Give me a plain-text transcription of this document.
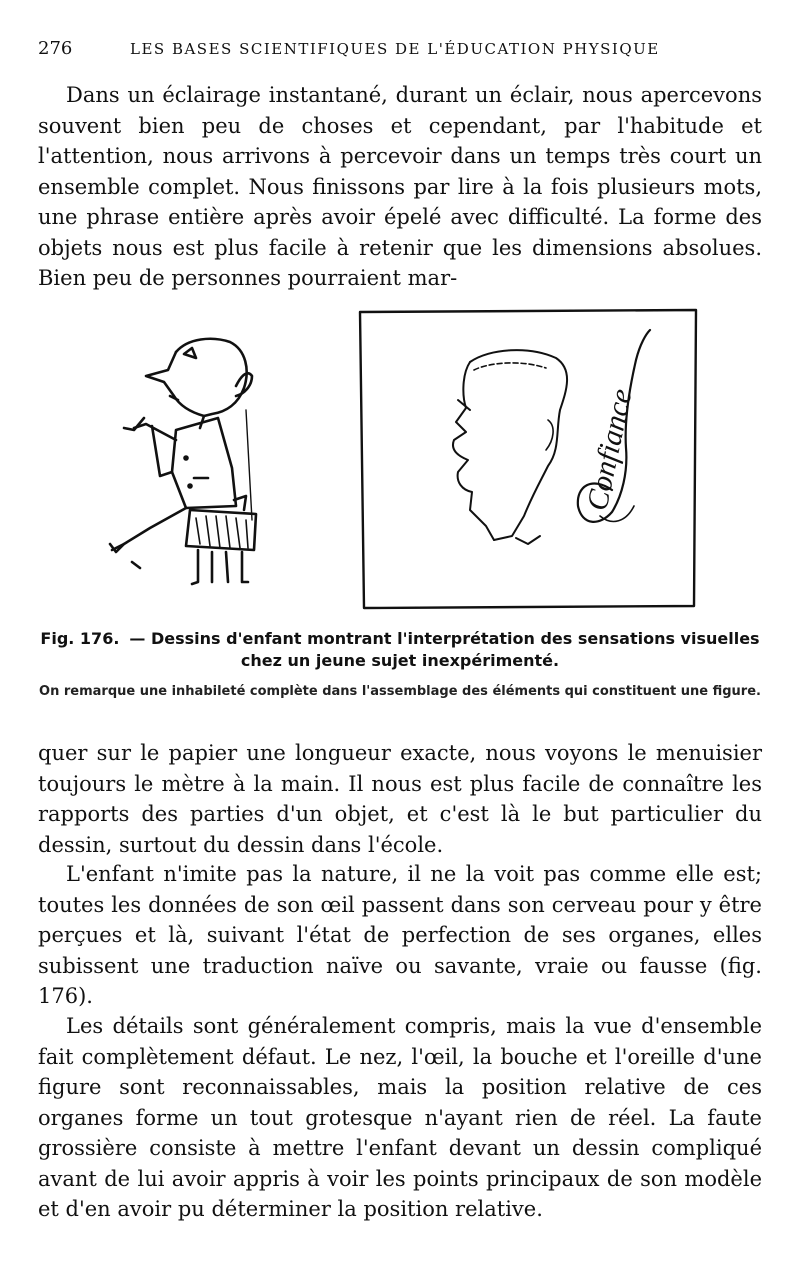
276	LES BASES SCIENTIFIQUES DE L'ÉDUCATION PHYSIQUE

Dans un éclairage instantané, durant un éclair, nous apercevons souvent bien peu de choses et cependant, par l'habitude et l'attention, nous arrivons à percevoir dans un temps très court un ensemble complet. Nous finissons par lire à la fois plusieurs mots, une phrase entière après avoir épelé avec difficulté. La forme des objets nous est plus facile à retenir que les dimensions absolues. Bien peu de personnes pourraient mar-

Confiance
Fig. 176. — Dessins d'enfant montrant l'interprétation des sensations visuelles chez un jeune sujet inexpérimenté.
On remarque une inhabileté complète dans l'assemblage des éléments qui constituent une figure.

quer sur le papier une longueur exacte, nous voyons le menuisier toujours le mètre à la main. Il nous est plus facile de connaître les rapports des parties d'un objet, et c'est là le but particulier du dessin, surtout du dessin dans l'école.

L'enfant n'imite pas la nature, il ne la voit pas comme elle est; toutes les données de son œil passent dans son cerveau pour y être perçues et là, suivant l'état de perfection de ses organes, elles subissent une traduction naïve ou savante, vraie ou fausse (fig. 176).

Les détails sont généralement compris, mais la vue d'ensemble fait complètement défaut. Le nez, l'œil, la bouche et l'oreille d'une figure sont reconnaissables, mais la position relative de ces organes forme un tout grotesque n'ayant rien de réel. La faute grossière consiste à mettre l'enfant devant un dessin compliqué avant de lui avoir appris à voir les points principaux de son modèle et d'en avoir pu déterminer la position relative.
